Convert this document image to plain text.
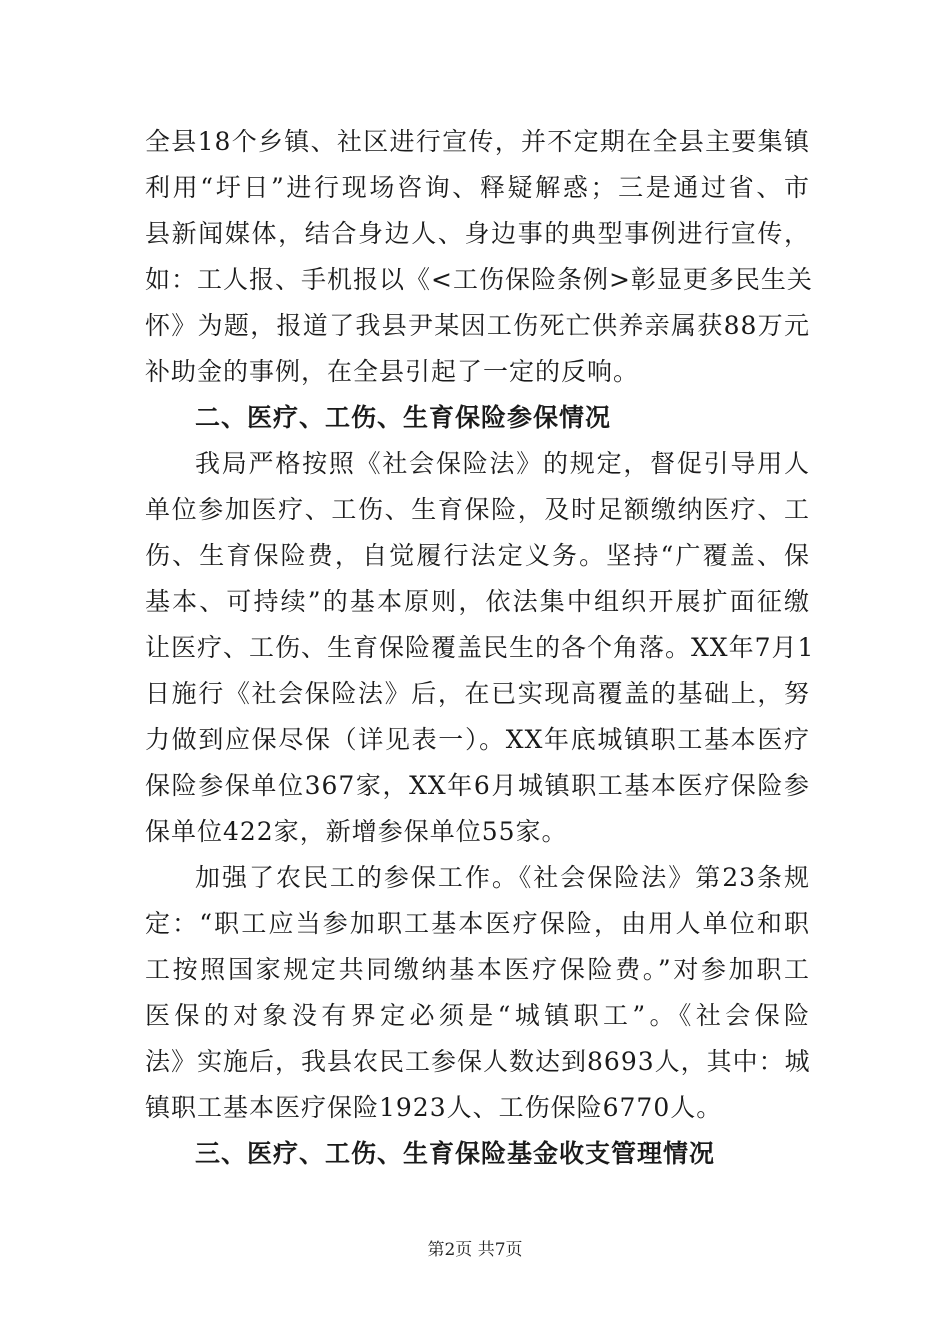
全县18个乡镇、社区进行宣传，并不定期在全县主要集镇
利用“圩日”进行现场咨询、释疑解惑；三是通过省、市
县新闻媒体，结合身边人、身边事的典型事例进行宣传，
如：工人报、手机报以《<工伤保险条例>彰显更多民生关
怀》为题，报道了我县尹某因工伤死亡供养亲属获88万元
补助金的事例，在全县引起了一定的反响。
二、医疗、工伤、生育保险参保情况
我局严格按照《社会保险法》的规定，督促引导用人
单位参加医疗、工伤、生育保险，及时足额缴纳医疗、工
伤、生育保险费，自觉履行法定义务。坚持“广覆盖、保
基本、可持续”的基本原则，依法集中组织开展扩面征缴
让医疗、工伤、生育保险覆盖民生的各个角落。XX年7月1
日施行《社会保险法》后，在已实现高覆盖的基础上，努
力做到应保尽保（详见表一）。XX年底城镇职工基本医疗
保险参保单位367家，XX年6月城镇职工基本医疗保险参
保单位422家，新增参保单位55家。
加强了农民工的参保工作。《社会保险法》第23条规
定：“职工应当参加职工基本医疗保险，由用人单位和职
工按照国家规定共同缴纳基本医疗保险费。”对参加职工
医保的对象没有界定必须是“城镇职工”。《社会保险
法》实施后，我县农民工参保人数达到8693人，其中：城
镇职工基本医疗保险1923人、工伤保险6770人。
三、医疗、工伤、生育保险基金收支管理情况
第2页 共7页
